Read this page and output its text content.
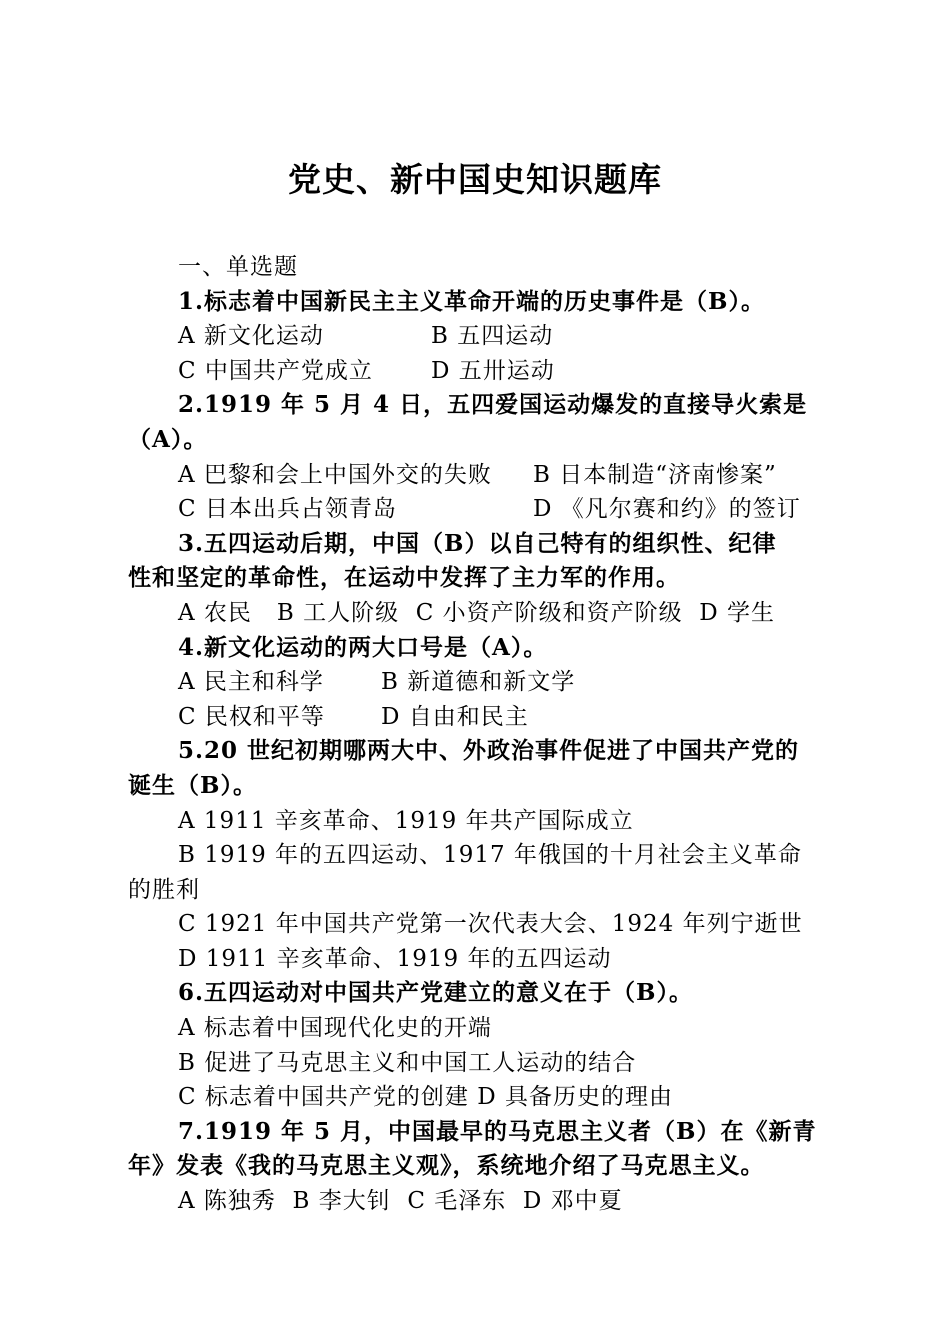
党史、新中国史知识题库
一、单选题
1.标志着中国新民主主义革命开端的历史事件是（B）。
A 新文化运动	B 五四运动
C 中国共产党成立	D 五卅运动
2.1919 年 5 月 4 日，五四爱国运动爆发的直接导火索是
（A）。
A 巴黎和会上中国外交的失败	B 日本制造“济南惨案”
C 日本出兵占领青岛	D 《凡尔赛和约》的签订
3.五四运动后期，中国（B）以自己特有的组织性、纪律
性和坚定的革命性，在运动中发挥了主力军的作用。
A 农民   B 工人阶级  C 小资产阶级和资产阶级  D 学生
4.新文化运动的两大口号是（A）。
A 民主和科学	B 新道德和新文学
C 民权和平等	D 自由和民主
5.20 世纪初期哪两大中、外政治事件促进了中国共产党的
诞生（B）。
A 1911 辛亥革命、1919 年共产国际成立
B 1919 年的五四运动、1917 年俄国的十月社会主义革命
的胜利
C 1921 年中国共产党第一次代表大会、1924 年列宁逝世
D 1911 辛亥革命、1919 年的五四运动
6.五四运动对中国共产党建立的意义在于（B）。
A 标志着中国现代化史的开端
B 促进了马克思主义和中国工人运动的结合
C 标志着中国共产党的创建 D 具备历史的理由
7.1919 年 5 月，中国最早的马克思主义者（B）在《新青
年》发表《我的马克思主义观》，系统地介绍了马克思主义。
A 陈独秀  B 李大钊  C 毛泽东  D 邓中夏
